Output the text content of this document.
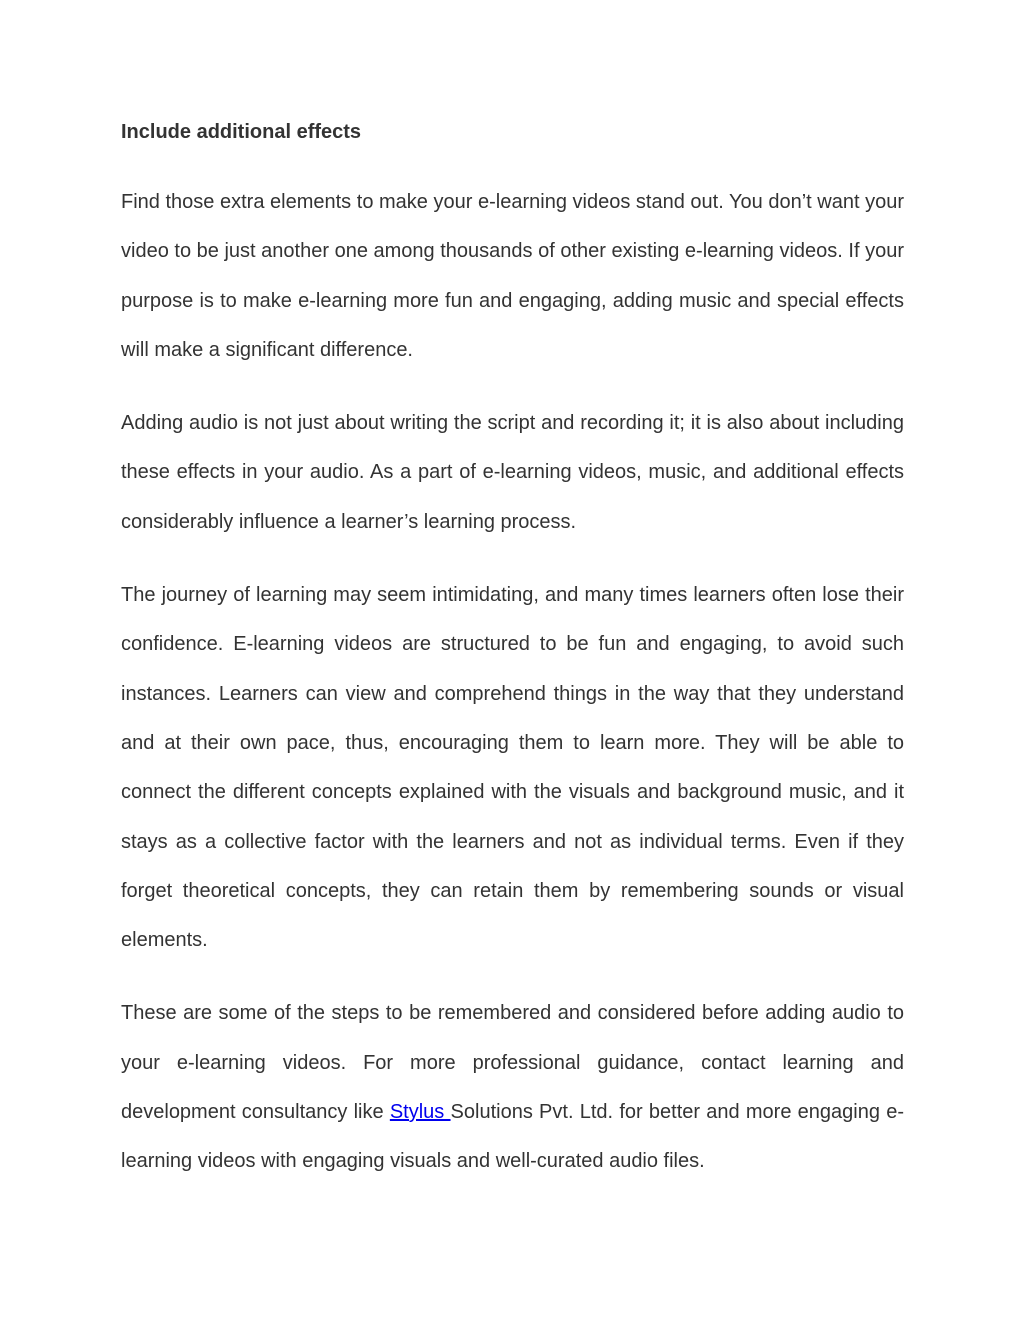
Include additional effects

Find those extra elements to make your e-learning videos stand out. You don’t want your video to be just another one among thousands of other existing e-learning videos. If your purpose is to make e-learning more fun and engaging, adding music and special effects will make a significant difference.

Adding audio is not just about writing the script and recording it; it is also about including these effects in your audio. As a part of e-learning videos, music, and additional effects considerably influence a learner’s learning process.

The journey of learning may seem intimidating, and many times learners often lose their confidence. E-learning videos are structured to be fun and engaging, to avoid such instances. Learners can view and comprehend things in the way that they understand and at their own pace, thus, encouraging them to learn more. They will be able to connect the different concepts explained with the visuals and background music, and it stays as a collective factor with the learners and not as individual terms. Even if they forget theoretical concepts, they can retain them by remembering sounds or visual elements.

These are some of the steps to be remembered and considered before adding audio to your e-learning videos. For more professional guidance, contact learning and development consultancy like Stylus Solutions Pvt. Ltd. for better and more engaging e-learning videos with engaging visuals and well-curated audio files.
